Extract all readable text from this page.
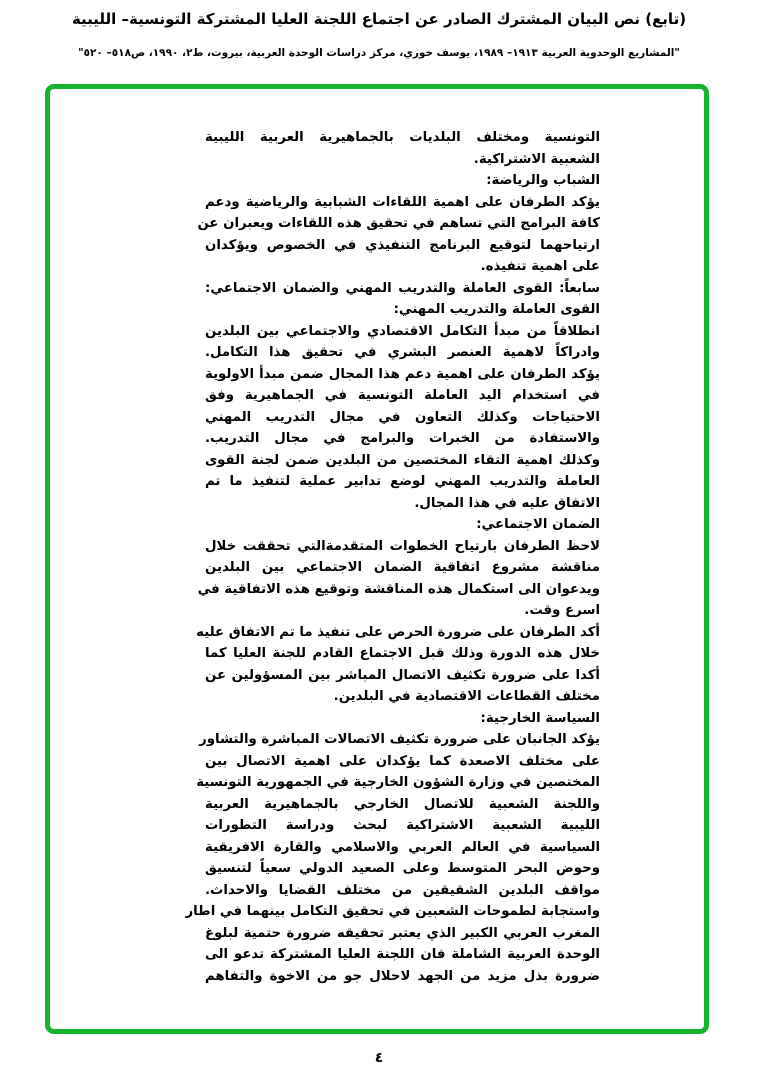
(تابع) نص البيان المشترك الصادر عن اجتماع اللجنة العليا المشتركة التونسية– الليبية
"المشاريع الوحدوية العربية ١٩١٣– ١٩٨٩، يوسف خوري، مركز دراسات الوحدة العربية، بيروت، ط٢، ١٩٩٠، ص٥١٨– ٥٢٠"
التونسية ومختلف البلديات بالجماهيرية العربية الليبية
الشعبية الاشتراكية.
الشباب والرياضة:
يؤكد الطرفان على اهمية اللقاءات الشبابية والرياضية ودعم
كافة البرامج التي تساهم في تحقيق هذه اللقاءات ويعبران عن
ارتياحهما لتوقيع البرنامج التنفيذي في الخصوص ويؤكدان
على اهمية تنفيذه.
سابعاً: القوى العاملة والتدريب المهني والضمان الاجتماعي:
القوى العاملة والتدريب المهني:
انطلاقاً من مبدأ التكامل الاقتصادي والاجتماعي بين البلدين
وادراكاً لاهمية العنصر البشري في تحقيق هذا التكامل.
يؤكد الطرفان على اهمية دعم هذا المجال ضمن مبدأ الاولوية
في استخدام اليد العاملة التونسية في الجماهيرية وفق
الاحتياجات وكذلك التعاون في مجال التدريب المهني
والاستفادة من الخبرات والبرامج في مجال التدريب.
وكذلك اهمية التقاء المختصين من البلدين ضمن لجنة القوى
العاملة والتدريب المهني لوضع تدابير عملية لتنفيذ ما تم
الاتفاق عليه في هذا المجال.
الضمان الاجتماعي:
لاحظ الطرفان بارتياح الخطوات المتقدمةالتي تحققت خلال
مناقشة مشروع اتفاقية الضمان الاجتماعي بين البلدين
ويدعوان الى استكمال هذه المناقشة وتوقيع هذه الاتفاقية في
اسرع وقت.
أكد الطرفان على ضرورة الحرص على تنفيذ ما تم الاتفاق عليه
خلال هذه الدورة وذلك قبل الاجتماع القادم للجنة العليا كما
أكدا على ضرورة تكثيف الاتصال المباشر بين المسؤولين عن
مختلف القطاعات الاقتصادية في البلدين.
السياسة الخارجية:
يؤكد الجانبان على ضرورة تكثيف الاتصالات المباشرة والتشاور
على مختلف الاصعدة كما يؤكدان على اهمية الاتصال بين
المختصين في وزارة الشؤون الخارجية في الجمهورية التونسية
واللجنة الشعبية للاتصال الخارجي بالجماهيرية العربية
الليبية الشعبية الاشتراكية لبحث ودراسة التطورات
السياسية في العالم العربي والاسلامي والقارة الافريقية
وحوض البحر المتوسط وعلى الصعيد الدولي سعياً لتنسيق
مواقف البلدين الشقيقين من مختلف القضايا والاحداث.
واستجابة لطموحات الشعبين في تحقيق التكامل بينهما في اطار
المغرب العربي الكبير الذي يعتبر تحقيقه ضرورة حتمية لبلوغ
الوحدة العربية الشاملة فان اللجنة العليا المشتركة تدعو الى
ضرورة بذل مزيد من الجهد لاحلال جو من الاخوة والتفاهم
٤
